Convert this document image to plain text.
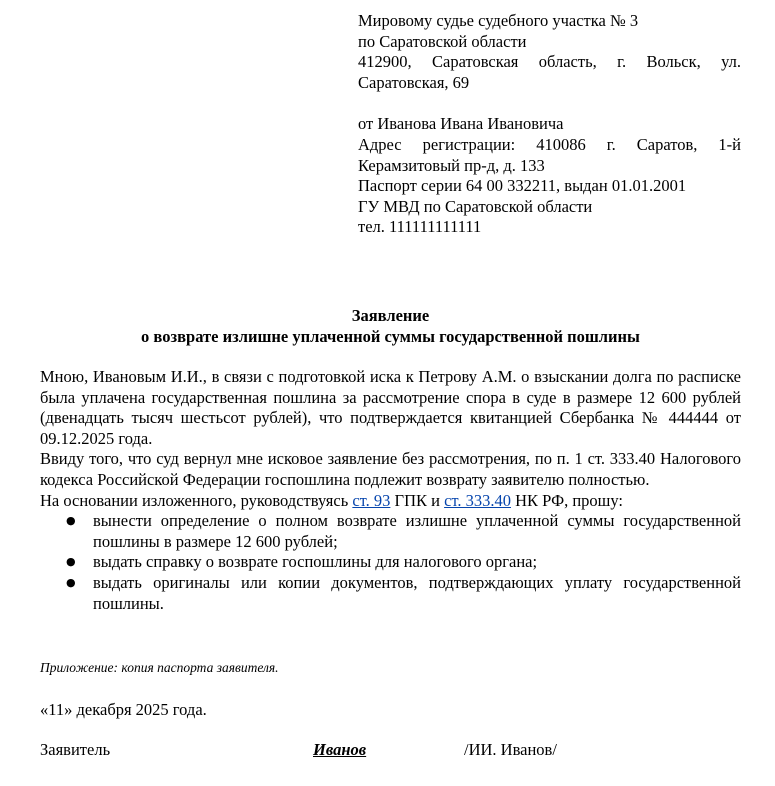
Мировому судье судебного участка № 3
по Саратовской области
412900, Саратовская область, г. Вольск, ул.
Саратовская, 69
от Иванова Ивана Ивановича
Адрес регистрации: 410086 г. Саратов, 1-й
Керамзитовый пр-д, д. 133
Паспорт серии 64 00 332211, выдан 01.01.2001
ГУ МВД по Саратовской области
тел. 111111111111
Заявление
о возврате излишне уплаченной суммы государственной пошлины

Мною, Ивановым И.И., в связи с подготовкой иска к Петрову А.М. о взыскании долга по расписке была уплачена государственная пошлина за рассмотрение спора в суде в размере 12 600 рублей (двенадцать тысяч шестьсот рублей), что подтверждается квитанцией Сбербанка № 444444 от 09.12.2025 года.

Ввиду того, что суд вернул мне исковое заявление без рассмотрения, по п. 1 ст. 333.40 Налогового кодекса Российской Федерации госпошлина подлежит возврату заявителю полностью.

На основании изложенного, руководствуясь ст. 93 ГПК и ст. 333.40 НК РФ, прошу:

● вынести определение о полном возврате излишне уплаченной суммы государственной пошлины в размере 12 600 рублей;
● выдать справку о возврате госпошлины для налогового органа;
● выдать оригиналы или копии документов, подтверждающих уплату государственной пошлины.
Приложение: копия паспорта заявителя.
«11» декабря 2025 года.
Заявитель	Иванов	/ИИ. Иванов/
